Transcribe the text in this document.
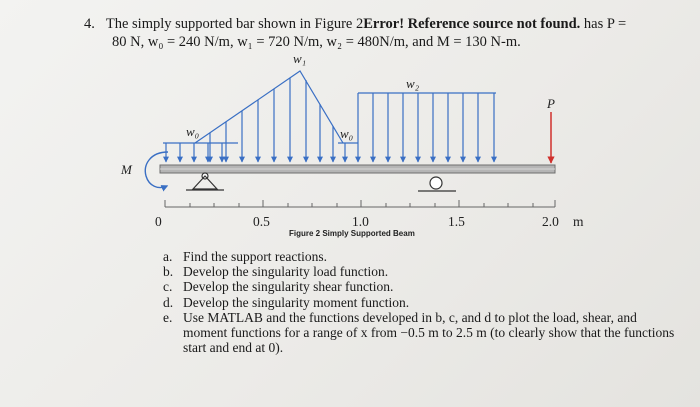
4. The simply supported bar shown in Figure 2Error! Reference source not found. has P =
80 N, w₀ = 240 N/m, w₁ = 720 N/m, w₂ = 480N/m, and M = 130 N-m.
w₁
w₂
w₀	w₀
P
M
0	0.5	1.0	1.5	2.0 m
Figure 2 Simply Supported Beam
a. Find the support reactions.
b. Develop the singularity load function.
c. Develop the singularity shear function.
d. Develop the singularity moment function.
e. Use MATLAB and the functions developed in b, c, and d to plot the load, shear, and moment functions for a range of x from −0.5 m to 2.5 m (to clearly show that the functions start and end at 0).
